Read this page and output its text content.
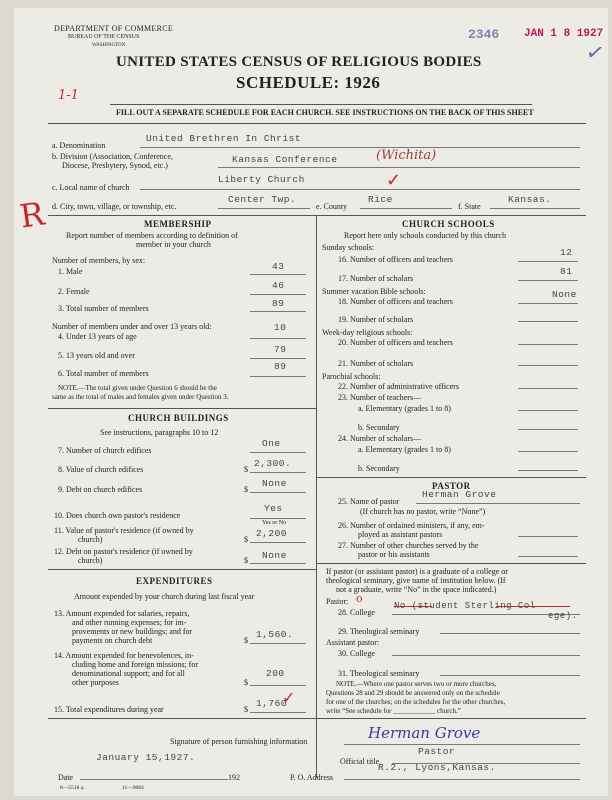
DEPARTMENT OF COMMERCE
BUREAU OF THE CENSUS
WASHINGTON
2346 JAN 1 8 1927
✓
UNITED STATES CENSUS OF RELIGIOUS BODIES
SCHEDULE: 1926
1-1
FILL OUT A SEPARATE SCHEDULE FOR EACH CHURCH. SEE INSTRUCTIONS ON THE BACK OF THIS SHEET
R
a. Denomination
United Brethren In Christ
b. Division (Association, Conference,
Diocese, Presbytery, Synod, etc.)
Kansas Conference	(Wichita)
c. Local name of church
Liberty Church	✓
d. City, town, village, or township, etc.
Center Twp.
e. County
Rice
f. State
Kansas.
MEMBERSHIP
Report number of members according to definition of
member in your church
Number of members, by sex:
1. Male	43
2. Female
46
3. Total number of members	89
Number of members under and over 13 years old:
4. Under 13 years of age
10
5. 13 years old and over
79
6. Total number of members
89
NOTE.—The total given under Question 6 should be the
same as the total of males and females given under Question 3.
CHURCH BUILDINGS
See instructions, paragraphs 10 to 12
7. Number of church edifices
One
8. Value of church edifices	$
2,300.
9. Debt on church edifices	$
None
10. Does church own pastor's residence
Yes
Yes or No
11. Value of pastor's residence (if owned by
church)	$
2,200
12. Debt on pastor's residence (if owned by
church)	$ None
EXPENDITURES
Amount expended by your church during last fiscal year
13. Amount expended for salaries, repairs,
and other running expenses; for im-
provements or new buildings; and for
payments on church debt	$
1,560.
14. Amount expended for benevolences, in-
cluding home and foreign missions; for
denominational support; and for all
other purposes	$
200
15. Total expenditures during year	$
1,760
✓
CHURCH SCHOOLS
Report here only schools conducted by this church
Sunday schools:
16. Number of officers and teachers
12
17. Number of scholars
81
Summer vacation Bible schools:
18. Number of officers and teachers
None
19. Number of scholars
Week-day religious schools:
20. Number of officers and teachers
21. Number of scholars
Parochial schools:
22. Number of administrative officers
23. Number of teachers—
a. Elementary (grades 1 to 8)
b. Secondary
24. Number of scholars—
a. Elementary (grades 1 to 8)
b. Secondary
PASTOR
25. Name of pastor
Herman Grove
(If church has no pastor, write “None”)
26. Number of ordained ministers, if any, em-
ployed as assistant pastors
27. Number of other churches served by the
pastor or his assistants
If pastor (or assistant pastor) is a graduate of a college or
theological seminary, give name of institution below. (If
not a graduate, write “No” in the space indicated.)
Pastor: o
28. College
No (student Sterling Col
ege).
29. Theological seminary
Assistant pastor:
30. College
31. Theological seminary
NOTE.—Where one pastor serves two or more churches,
Questions 28 and 29 should be answered only on the schedule
for one of the churches; on the schedules for the other churches,
write “See schedule for ____________ church.”
Signature of person furnishing information	Herman Grove
January 15,1927.	Official title
Pastor
Date	192	P. O. Address
R.2., Lyons,Kansas.
8—5518 a.	11—9084
